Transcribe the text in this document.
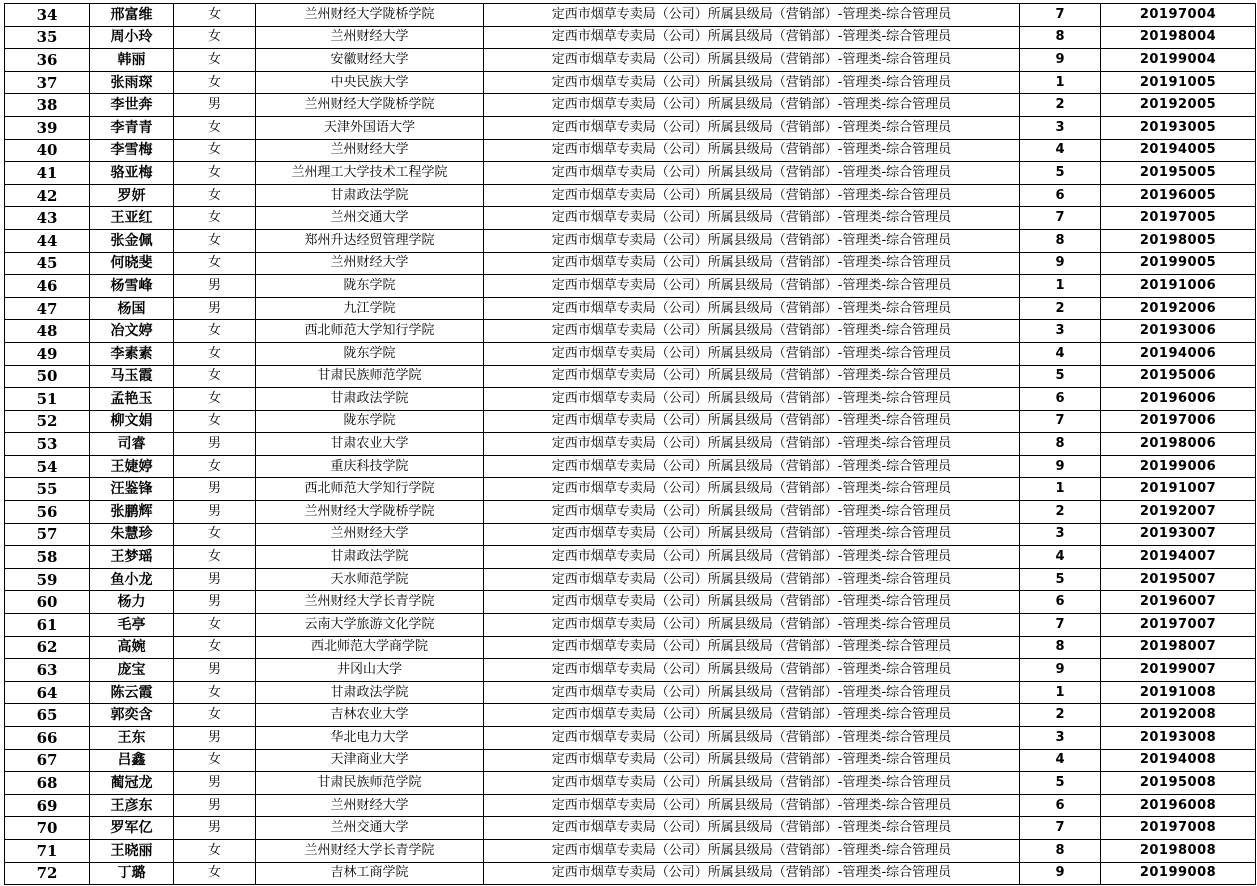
34	邢富维	女	兰州财经大学陇桥学院	定西市烟草专卖局（公司）所属县级局（营销部）-管理类-综合管理员	7	20197004
35	周小玲	女	兰州财经大学	定西市烟草专卖局（公司）所属县级局（营销部）-管理类-综合管理员	8	20198004
36	韩丽	女	安徽财经大学	定西市烟草专卖局（公司）所属县级局（营销部）-管理类-综合管理员	9	20199004
37	张雨琛	女	中央民族大学	定西市烟草专卖局（公司）所属县级局（营销部）-管理类-综合管理员	1	20191005
38	李世奔	男	兰州财经大学陇桥学院	定西市烟草专卖局（公司）所属县级局（营销部）-管理类-综合管理员	2	20192005
39	李青青	女	天津外国语大学	定西市烟草专卖局（公司）所属县级局（营销部）-管理类-综合管理员	3	20193005
40	李雪梅	女	兰州财经大学	定西市烟草专卖局（公司）所属县级局（营销部）-管理类-综合管理员	4	20194005
41	骆亚梅	女	兰州理工大学技术工程学院	定西市烟草专卖局（公司）所属县级局（营销部）-管理类-综合管理员	5	20195005
42	罗妍	女	甘肃政法学院	定西市烟草专卖局（公司）所属县级局（营销部）-管理类-综合管理员	6	20196005
43	王亚红	女	兰州交通大学	定西市烟草专卖局（公司）所属县级局（营销部）-管理类-综合管理员	7	20197005
44	张金佩	女	郑州升达经贸管理学院	定西市烟草专卖局（公司）所属县级局（营销部）-管理类-综合管理员	8	20198005
45	何晓斐	女	兰州财经大学	定西市烟草专卖局（公司）所属县级局（营销部）-管理类-综合管理员	9	20199005
46	杨雪峰	男	陇东学院	定西市烟草专卖局（公司）所属县级局（营销部）-管理类-综合管理员	1	20191006
47	杨国	男	九江学院	定西市烟草专卖局（公司）所属县级局（营销部）-管理类-综合管理员	2	20192006
48	冶文婷	女	西北师范大学知行学院	定西市烟草专卖局（公司）所属县级局（营销部）-管理类-综合管理员	3	20193006
49	李素素	女	陇东学院	定西市烟草专卖局（公司）所属县级局（营销部）-管理类-综合管理员	4	20194006
50	马玉霞	女	甘肃民族师范学院	定西市烟草专卖局（公司）所属县级局（营销部）-管理类-综合管理员	5	20195006
51	孟艳玉	女	甘肃政法学院	定西市烟草专卖局（公司）所属县级局（营销部）-管理类-综合管理员	6	20196006
52	柳文娟	女	陇东学院	定西市烟草专卖局（公司）所属县级局（营销部）-管理类-综合管理员	7	20197006
53	司睿	男	甘肃农业大学	定西市烟草专卖局（公司）所属县级局（营销部）-管理类-综合管理员	8	20198006
54	王婕婷	女	重庆科技学院	定西市烟草专卖局（公司）所属县级局（营销部）-管理类-综合管理员	9	20199006
55	汪鉴锋	男	西北师范大学知行学院	定西市烟草专卖局（公司）所属县级局（营销部）-管理类-综合管理员	1	20191007
56	张鹏辉	男	兰州财经大学陇桥学院	定西市烟草专卖局（公司）所属县级局（营销部）-管理类-综合管理员	2	20192007
57	朱慧珍	女	兰州财经大学	定西市烟草专卖局（公司）所属县级局（营销部）-管理类-综合管理员	3	20193007
58	王梦瑶	女	甘肃政法学院	定西市烟草专卖局（公司）所属县级局（营销部）-管理类-综合管理员	4	20194007
59	鱼小龙	男	天水师范学院	定西市烟草专卖局（公司）所属县级局（营销部）-管理类-综合管理员	5	20195007
60	杨力	男	兰州财经大学长青学院	定西市烟草专卖局（公司）所属县级局（营销部）-管理类-综合管理员	6	20196007
61	毛亭	女	云南大学旅游文化学院	定西市烟草专卖局（公司）所属县级局（营销部）-管理类-综合管理员	7	20197007
62	高婉	女	西北师范大学商学院	定西市烟草专卖局（公司）所属县级局（营销部）-管理类-综合管理员	8	20198007
63	庞宝	男	井冈山大学	定西市烟草专卖局（公司）所属县级局（营销部）-管理类-综合管理员	9	20199007
64	陈云霞	女	甘肃政法学院	定西市烟草专卖局（公司）所属县级局（营销部）-管理类-综合管理员	1	20191008
65	郭奕含	女	吉林农业大学	定西市烟草专卖局（公司）所属县级局（营销部）-管理类-综合管理员	2	20192008
66	王东	男	华北电力大学	定西市烟草专卖局（公司）所属县级局（营销部）-管理类-综合管理员	3	20193008
67	吕鑫	女	天津商业大学	定西市烟草专卖局（公司）所属县级局（营销部）-管理类-综合管理员	4	20194008
68	蔺冠龙	男	甘肃民族师范学院	定西市烟草专卖局（公司）所属县级局（营销部）-管理类-综合管理员	5	20195008
69	王彦东	男	兰州财经大学	定西市烟草专卖局（公司）所属县级局（营销部）-管理类-综合管理员	6	20196008
70	罗军亿	男	兰州交通大学	定西市烟草专卖局（公司）所属县级局（营销部）-管理类-综合管理员	7	20197008
71	王晓丽	女	兰州财经大学长青学院	定西市烟草专卖局（公司）所属县级局（营销部）-管理类-综合管理员	8	20198008
72	丁璐	女	吉林工商学院	定西市烟草专卖局（公司）所属县级局（营销部）-管理类-综合管理员	9	20199008
